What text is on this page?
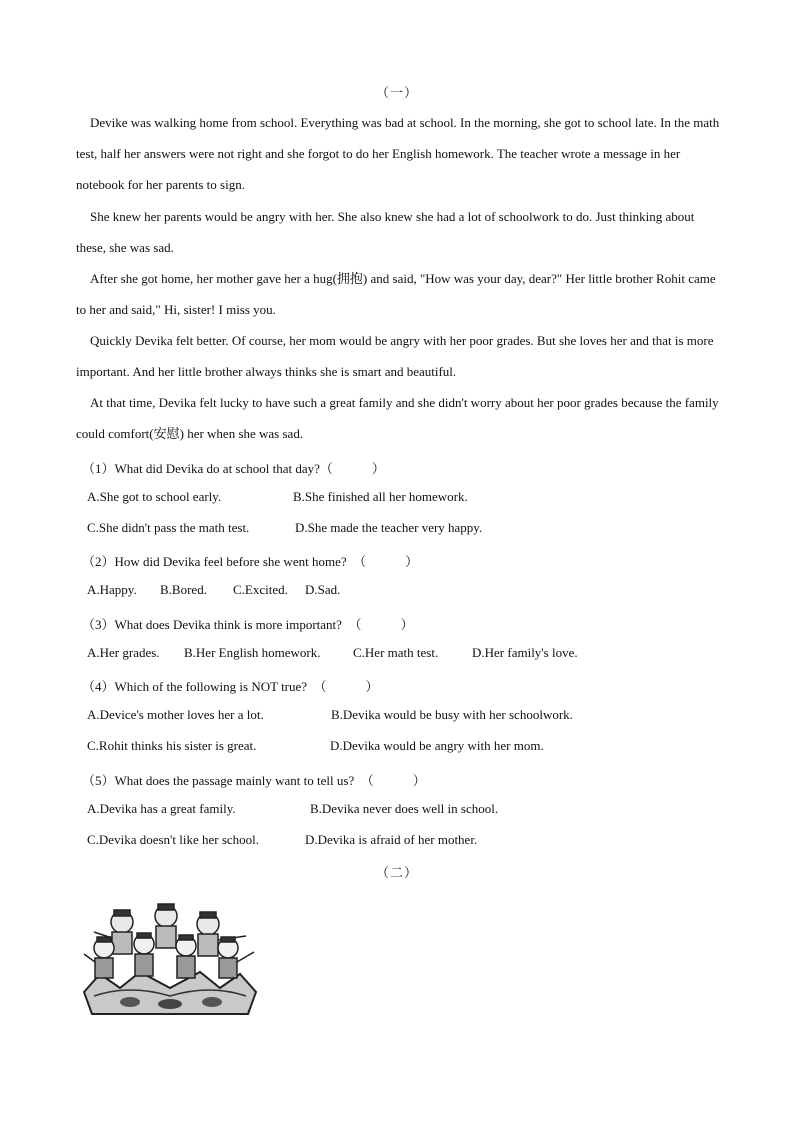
（一）

Devike was walking home from school. Everything was bad at school. In the morning, she got to school late. In the math test, half her answers were not right and she forgot to do her English homework. The teacher wrote a message in her notebook for her parents to sign.

She knew her parents would be angry with her. She also knew she had a lot of schoolwork to do. Just thinking about these, she was sad.

After she got home, her mother gave her a hug(拥抱) and said, "How was your day, dear?" Her little brother Rohit came to her and said," Hi, sister! I miss you.

Quickly Devika felt better. Of course, her mom would be angry with her poor grades. But she loves her and that is more important. And her little brother always thinks she is smart and beautiful.

At that time, Devika felt lucky to have such a great family and she didn't worry about her poor grades because the family could comfort(安慰) her when she was sad.

（1）What did Devika do at school that day?（　　　）
A.She got to school early.	B.She finished all her homework.
C.She didn't pass the math test.	D.She made the teacher very happy.
（2）How did Devika feel before she went home?　（　　　）
A.Happy. B.Bored. C.Excited. D.Sad.
（3）What does Devika think is more important?　（　　　）
A.Her grades. B.Her English homework.	C.Her math test.	D.Her family's love.
（4）Which of the following is NOT true?　（　　　）
A.Device's mother loves her a lot.	B.Devika would be busy with her schoolwork.
C.Rohit thinks his sister is great.	D.Devika would be angry with her mom.
（5）What does the passage mainly want to tell us?　（　　　）
A.Devika has a great family.	B.Devika never does well in school.
C.Devika doesn't like her school.	D.Devika is afraid of her mother.
（二）
